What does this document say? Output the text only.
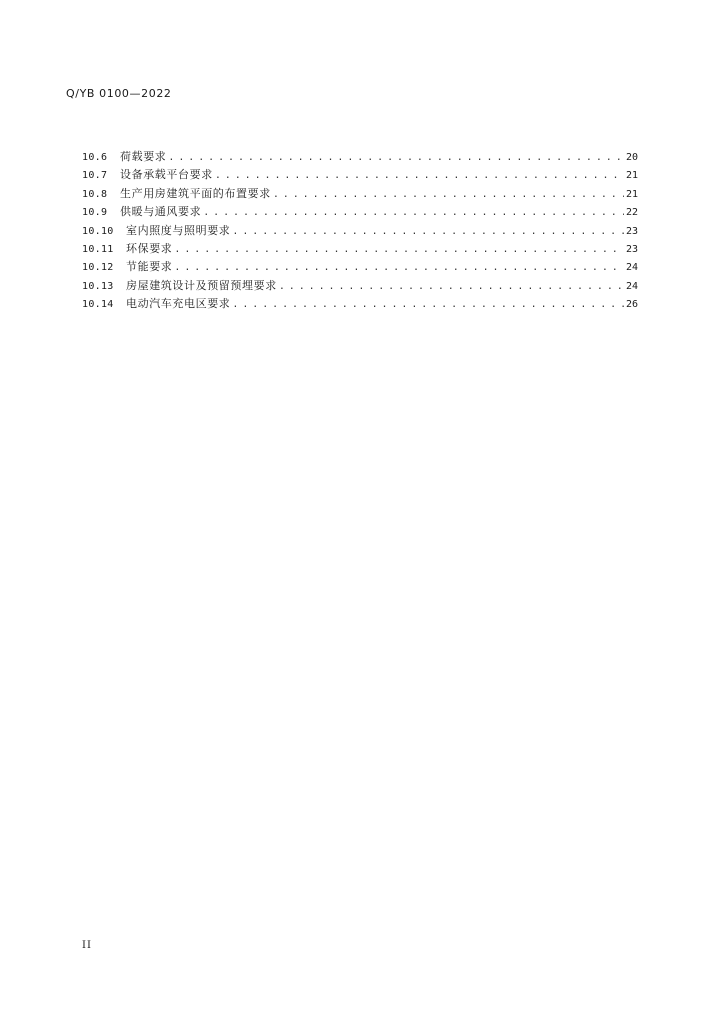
Q/YB 0100—2022
10.6	荷载要求 . . .	20
10.7	设备承载平台要求 . . .	21
10.8	生产用房建筑平面的布置要求 . . .	21
10.9	供暖与通风要求 . . .	22
10.10	室内照度与照明要求 . . .	23
10.11	环保要求 . . .	23
10.12	节能要求 . . .	24
10.13	房屋建筑设计及预留预埋要求 . . .	24
10.14	电动汽车充电区要求 . . .	26
II
